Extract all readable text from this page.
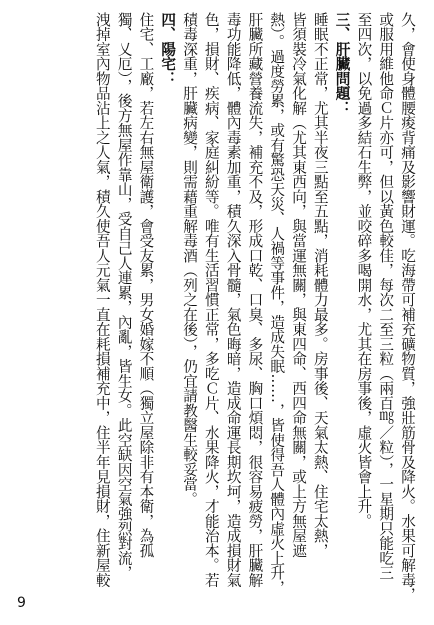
久，會使身體腰痠背痛及影響財運。吃海帶可補充礦物質，強壯筋骨及降火。水果可解毒，

或服用維他命Ｃ片亦可，但以黃色較佳，每次二至三粒（兩百㎎／粒），一星期只能吃三

至四次，以免過多結石生弊，並咬碎多喝開水，尤其在房事後，虛火皆會上升。

三、肝臟問題：

睡眠不正常，尤其半夜三點至五點，消耗體力最多。房事後、天氣太熱、住宅太熱，

皆須裝冷氣化解（尤其東西向，與當運無關，與東四命、西四命無關，或上方無屋遮

熱）。過度勞累，或有驚恐天災、人禍等事件，造成失眠……，皆使得吾人體內虛火上升，

肝臟所藏營養流失，補充不及，形成口乾、口臭、多尿、胸口煩悶，很容易疲勞，肝臟解

毒功能降低，體內毒素加重，積久深入骨髓，氣色晦暗，造成命運長期坎坷，造成損財氣

色，損財、疾病、家庭糾紛等。唯有生活習慣正常，多吃Ｃ片、水果降火，才能治本。若

積毒深重，肝臟病變，則需藉重解毒酒（列之在後），仍宜請教醫生較妥當。

四、陽宅：

住宅、工廠，若左右無屋衛護，會受友累，男女婚嫁不順（獨立屋除非有本衛，為孤

獨、乂厄），後方無屋作靠山，受自己人連累，內亂，皆生女。此空缺因空氣強烈對流，

洩掉室內物品沾上之人氣，積久使吾人元氣一直在耗損補充中，住半年見損財，住新屋較

9
